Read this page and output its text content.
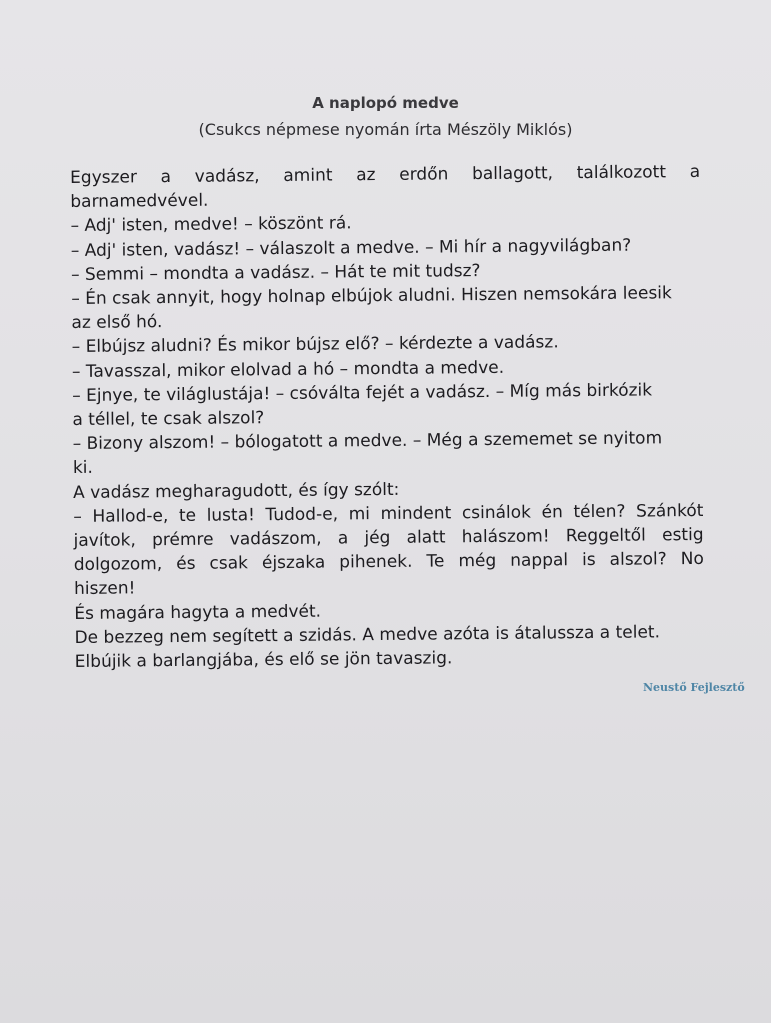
A naplopó medve
(Csukcs népmese nyomán írta Mészöly Miklós)
Egyszer a vadász, amint az erdőn ballagott, találkozott a
barnamedvével.
– Adj' isten, medve! – köszönt rá.
– Adj' isten, vadász! – válaszolt a medve. – Mi hír a nagyvilágban?
– Semmi – mondta a vadász. – Hát te mit tudsz?
– Én csak annyit, hogy holnap elbújok aludni. Hiszen nemsokára leesik
az első hó.
– Elbújsz aludni? És mikor bújsz elő? – kérdezte a vadász.
– Tavasszal, mikor elolvad a hó – mondta a medve.
– Ejnye, te világlustája! – csóválta fejét a vadász. – Míg más birkózik
a téllel, te csak alszol?
– Bizony alszom! – bólogatott a medve. – Még a szememet se nyitom
ki.
A vadász megharagudott, és így szólt:
– Hallod-e, te lusta! Tudod-e, mi mindent csinálok én télen? Szánkót
javítok, prémre vadászom, a jég alatt halászom! Reggeltől estig
dolgozom, és csak éjszaka pihenek. Te még nappal is alszol? No
hiszen!
És magára hagyta a medvét.
De bezzeg nem segített a szidás. A medve azóta is átalussza a telet.
Elbújik a barlangjába, és elő se jön tavaszig.
Neustő Fejlesztő
